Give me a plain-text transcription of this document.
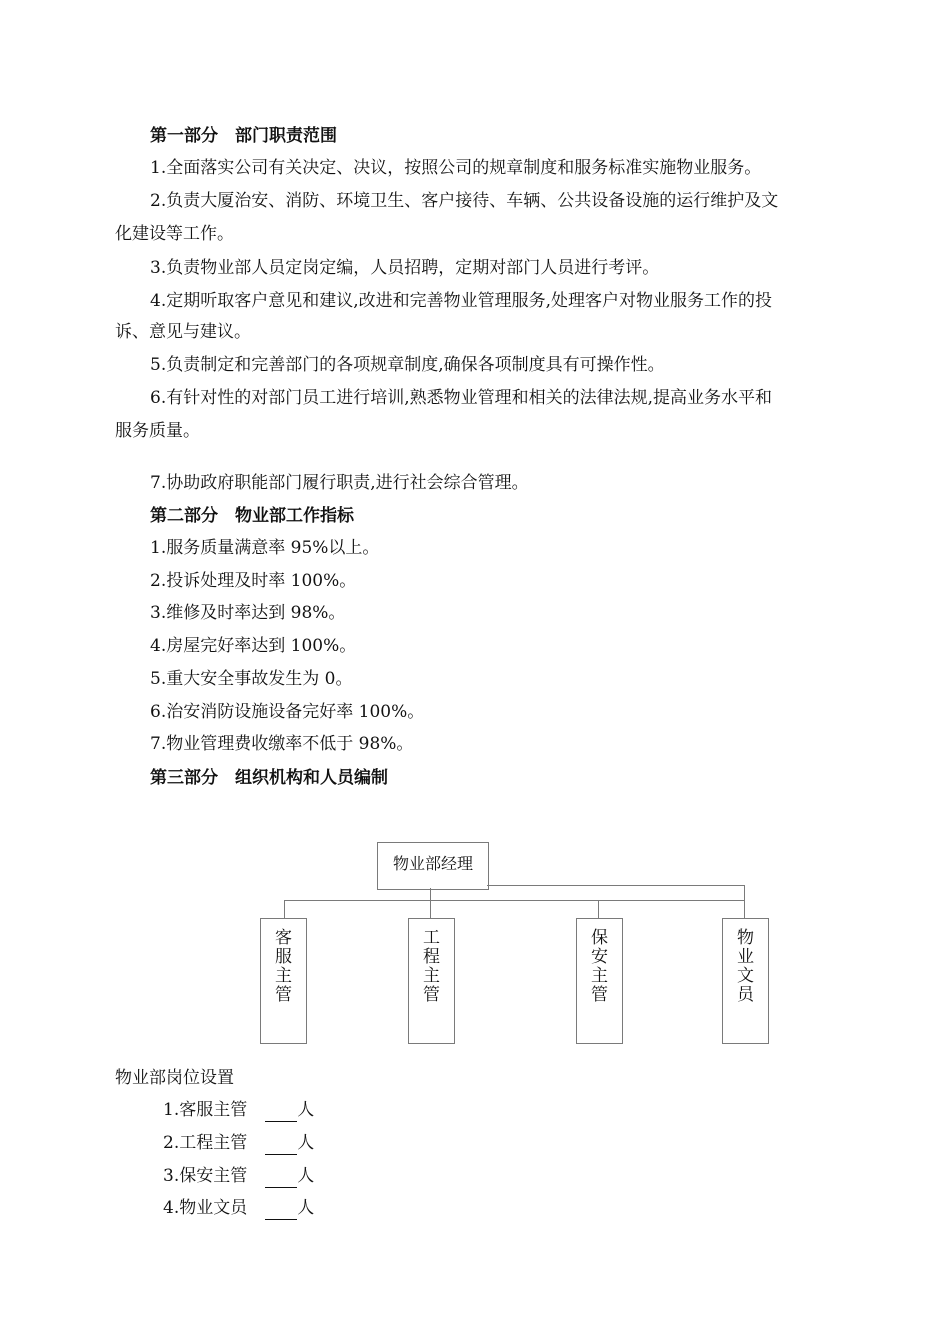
第一部分　部门职责范围
1.全面落实公司有关决定、决议，按照公司的规章制度和服务标准实施物业服务。
2.负责大厦治安、消防、环境卫生、客户接待、车辆、公共设备设施的运行维护及文
化建设等工作。
3.负责物业部人员定岗定编，人员招聘，定期对部门人员进行考评。
4.定期听取客户意见和建议,改进和完善物业管理服务,处理客户对物业服务工作的投
诉、意见与建议。
5.负责制定和完善部门的各项规章制度,确保各项制度具有可操作性。
6.有针对性的对部门员工进行培训,熟悉物业管理和相关的法律法规,提高业务水平和
服务质量。
7.协助政府职能部门履行职责,进行社会综合管理。
第二部分　物业部工作指标
1.服务质量满意率 95%以上。
2.投诉处理及时率 100%。
3.维修及时率达到 98%。
4.房屋完好率达到 100%。
5.重大安全事故发生为 0。
6.治安消防设施设备完好率 100%。
7.物业管理费收缴率不低于 98%。
第三部分　组织机构和人员编制
物业部经理
客
服
主
管
工
程
主
管
保
安
主
管
物
业
文
员
物业部岗位设置
1.客服主管	人
2.工程主管	人
3.保安主管	人
4.物业文员	人
